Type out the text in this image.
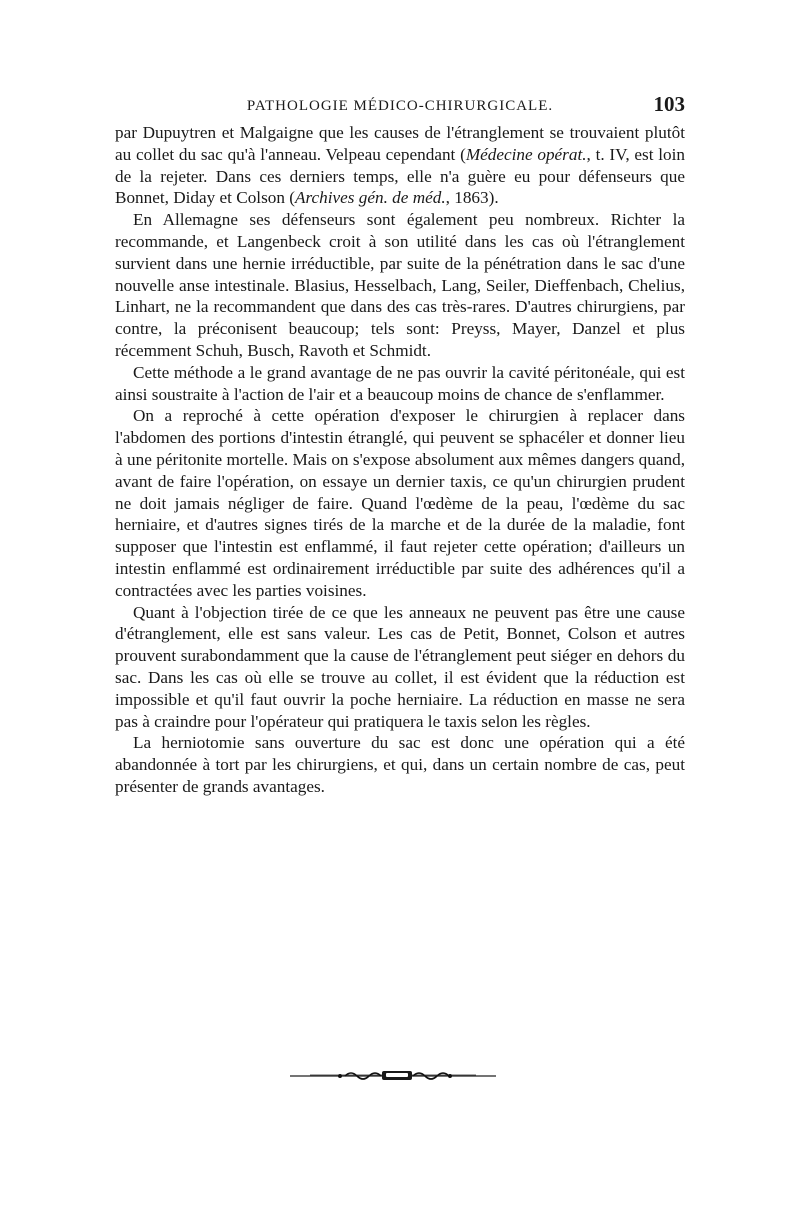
PATHOLOGIE MÉDICO-CHIRURGICALE.	103

par Dupuytren et Malgaigne que les causes de l'étranglement se trouvaient plutôt au collet du sac qu'à l'anneau. Velpeau cependant (Médecine opérat., t. IV, est loin de la rejeter. Dans ces derniers temps, elle n'a guère eu pour défenseurs que Bonnet, Diday et Colson (Archives gén. de méd., 1863).

En Allemagne ses défenseurs sont également peu nombreux. Richter la recommande, et Langenbeck croit à son utilité dans les cas où l'étranglement survient dans une hernie irréductible, par suite de la pénétration dans le sac d'une nouvelle anse intestinale. Blasius, Hesselbach, Lang, Seiler, Dieffenbach, Chelius, Linhart, ne la recommandent que dans des cas très-rares. D'autres chirurgiens, par contre, la préconisent beaucoup; tels sont: Preyss, Mayer, Danzel et plus récemment Schuh, Busch, Ravoth et Schmidt.

Cette méthode a le grand avantage de ne pas ouvrir la cavité péritonéale, qui est ainsi soustraite à l'action de l'air et a beaucoup moins de chance de s'enflammer.

On a reproché à cette opération d'exposer le chirurgien à replacer dans l'abdomen des portions d'intestin étranglé, qui peuvent se sphacéler et donner lieu à une péritonite mortelle. Mais on s'expose absolument aux mêmes dangers quand, avant de faire l'opération, on essaye un dernier taxis, ce qu'un chirurgien prudent ne doit jamais négliger de faire. Quand l'œdème de la peau, l'œdème du sac herniaire, et d'autres signes tirés de la marche et de la durée de la maladie, font supposer que l'intestin est enflammé, il faut rejeter cette opération; d'ailleurs un intestin enflammé est ordinairement irréductible par suite des adhérences qu'il a contractées avec les parties voisines.

Quant à l'objection tirée de ce que les anneaux ne peuvent pas être une cause d'étranglement, elle est sans valeur. Les cas de Petit, Bonnet, Colson et autres prouvent surabondamment que la cause de l'étranglement peut siéger en dehors du sac. Dans les cas où elle se trouve au collet, il est évident que la réduction est impossible et qu'il faut ouvrir la poche herniaire. La réduction en masse ne sera pas à craindre pour l'opérateur qui pratiquera le taxis selon les règles.

La herniotomie sans ouverture du sac est donc une opération qui a été abandonnée à tort par les chirurgiens, et qui, dans un certain nombre de cas, peut présenter de grands avantages.
